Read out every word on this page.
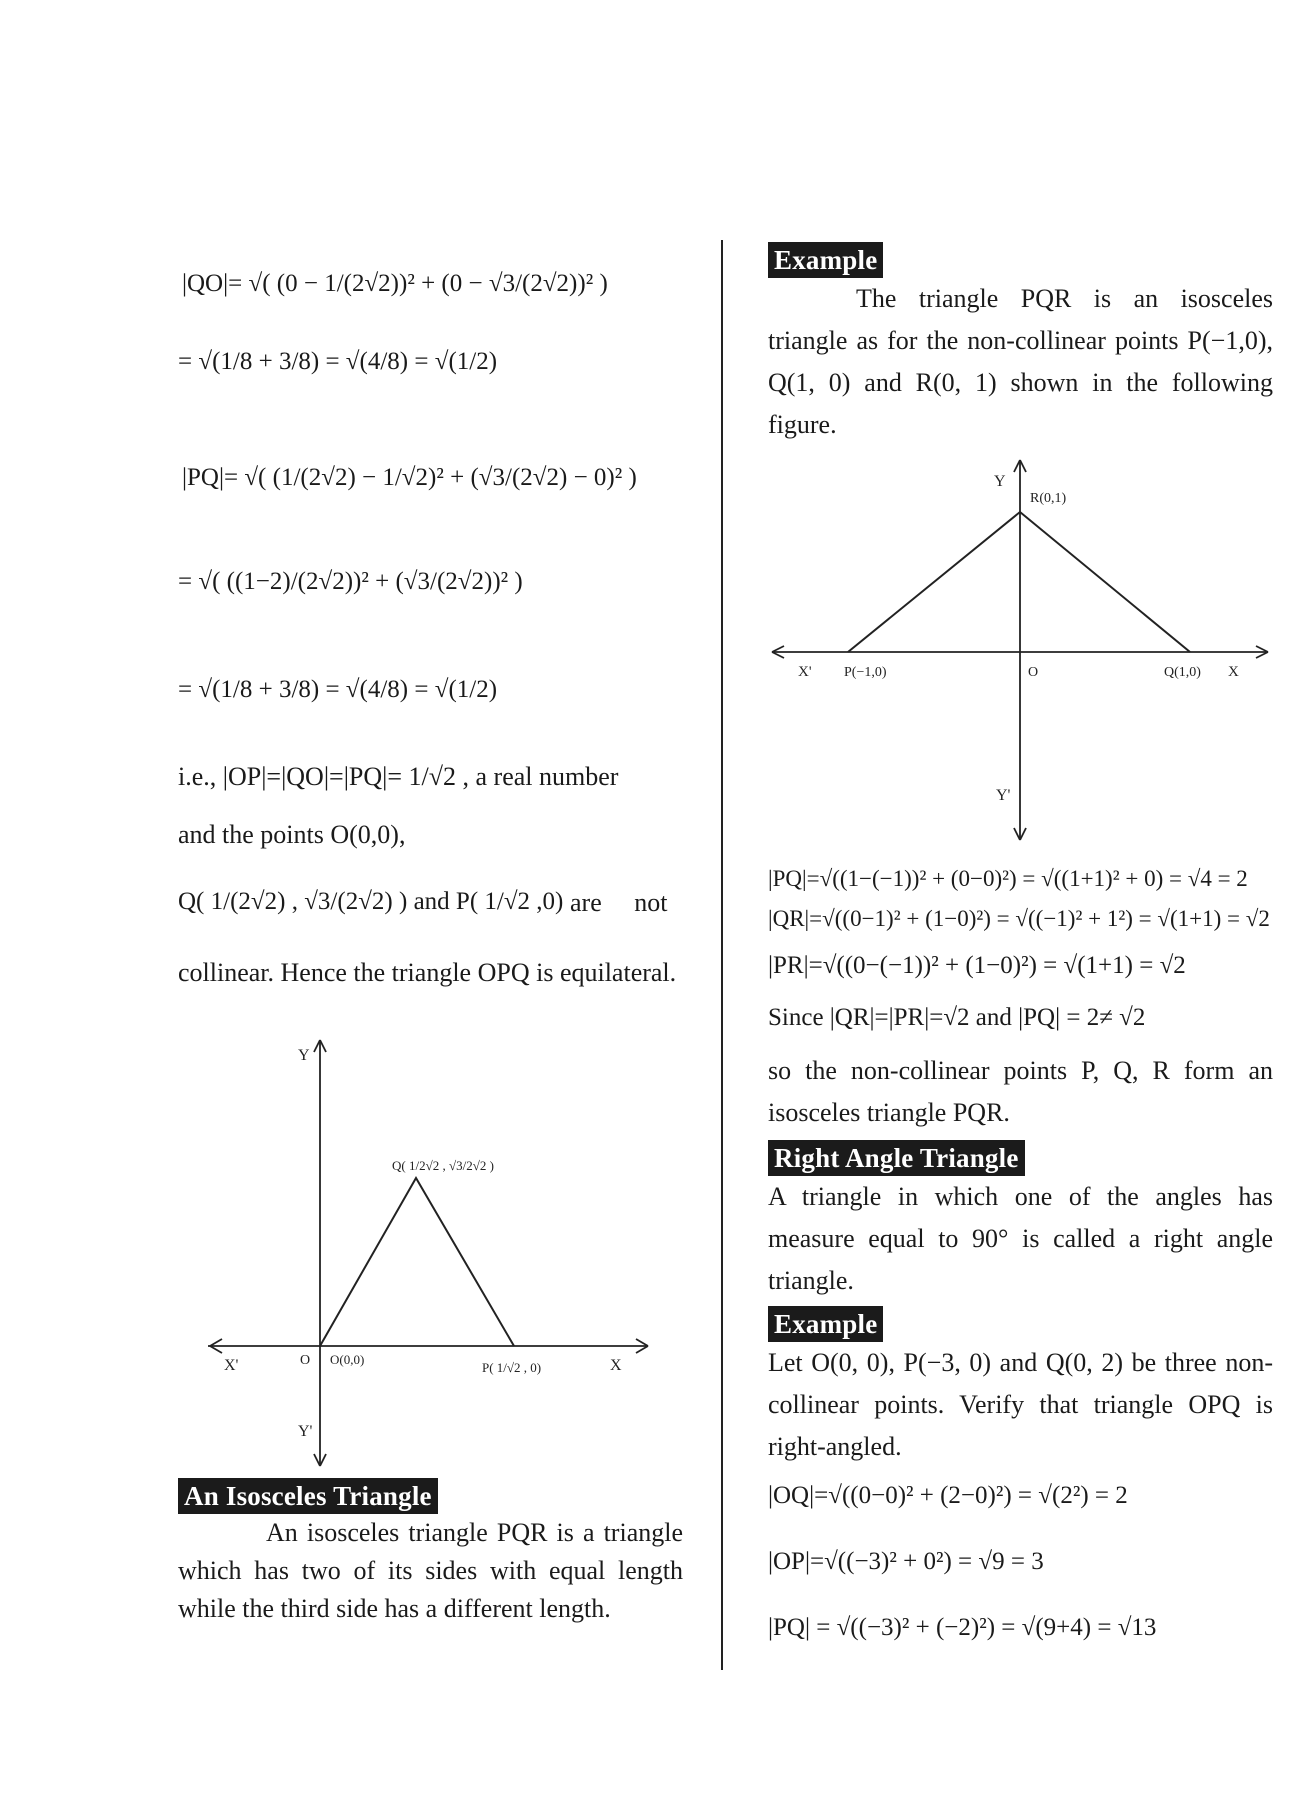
|QO|= √( (0 − 1/(2√2))² + (0 − √3/(2√2))² )
= √(1/8 + 3/8) = √(4/8) = √(1/2)
|PQ|= √( (1/(2√2) − 1/√2)² + (√3/(2√2) − 0)² )
= √( ((1−2)/(2√2))² + (√3/(2√2))² )
= √(1/8 + 3/8) = √(4/8) = √(1/2)
i.e., |OP|=|QO|=|PQ|= 1/√2 , a real number
and the points O(0,0),
Q( 1/(2√2) , √3/(2√2) ) and P( 1/√2 ,0) are     not
collinear. Hence the triangle OPQ is equilateral.
Y
Y'
X'	X
O O(0,0)
Q( 1/2√2 , √3/2√2 )
P( 1/√2 , 0)
An Isosceles Triangle
An isosceles triangle PQR is a triangle which has two of its sides with equal length while the third side has a different length.
Example
The triangle PQR is an isosceles triangle as for the non-collinear points P(−1,0), Q(1, 0) and R(0, 1) shown in the following figure.
Y
Y'
X'	X
R(0,1)
P(−1,0)	O	Q(1,0)
|PQ|=√((1−(−1))² + (0−0)²) = √((1+1)² + 0) = √4 = 2
|QR|=√((0−1)² + (1−0)²) = √((−1)² + 1²) = √(1+1) = √2
|PR|=√((0−(−1))² + (1−0)²) = √(1+1) = √2
Since |QR|=|PR|=√2 and |PQ| = 2≠ √2
so the non-collinear points P, Q, R form an isosceles triangle PQR.
Right Angle Triangle
A triangle in which one of the angles has measure equal to 90° is called a right angle triangle.
Example
Let O(0, 0), P(−3, 0) and Q(0, 2) be three non-collinear points. Verify that triangle OPQ is right-angled.
|OQ|=√((0−0)² + (2−0)²) = √(2²) = 2
|OP|=√((−3)² + 0²) = √9 = 3
|PQ| = √((−3)² + (−2)²) = √(9+4) = √13
